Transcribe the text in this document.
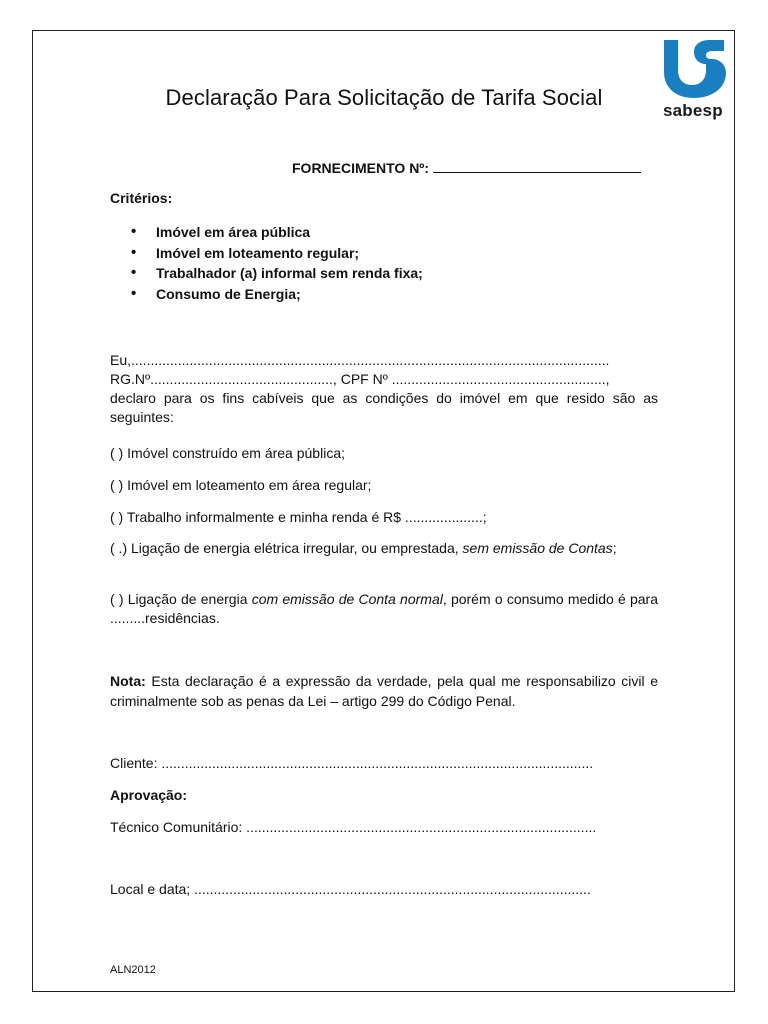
sabesp
Declaração Para Solicitação de Tarifa Social
FORNECIMENTO Nº:
Critérios:
• Imóvel em área pública
• Imóvel em loteamento regular;
• Trabalhador (a) informal sem renda fixa;
• Consumo de Energia;
Eu,...........................................................................................................................
RG.Nº..............................................., CPF Nº .......................................................,
declaro para os fins cabíveis que as condições do imóvel em que resido são as seguintes:
( ) Imóvel construído em área pública;
( ) Imóvel em loteamento em área regular;
( ) Trabalho informalmente e minha renda é R$ ....................;
( .) Ligação de energia elétrica irregular, ou emprestada, sem emissão de Contas;
( ) Ligação de energia com emissão de Conta normal, porém o consumo medido é para .........residências.
Nota: Esta declaração é a expressão da verdade, pela qual me responsabilizo civil e criminalmente sob as penas da Lei – artigo 299 do Código Penal.
Cliente: ...............................................................................................................
Aprovação:
Técnico Comunitário: ..........................................................................................
Local e data; ......................................................................................................
ALN2012
